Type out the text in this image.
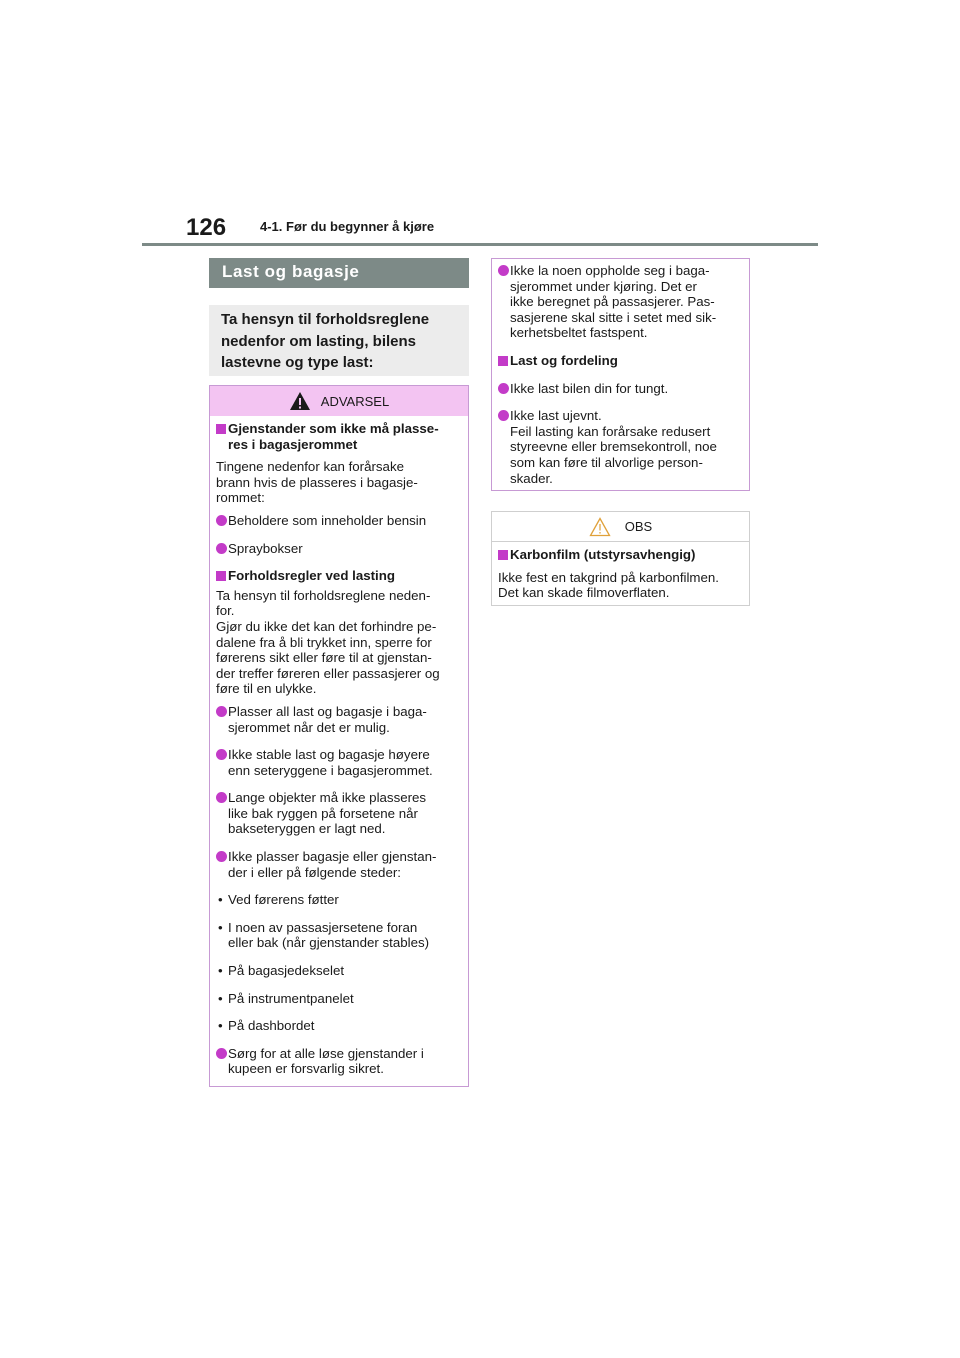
126	4-1. Før du begynner å kjøre
Last og bagasje
Ta hensyn til forholdsreglene
nedenfor om lasting, bilens
lastevne og type last:
ADVARSEL
Gjenstander som ikke må plasse-
res i bagasjerommet
Tingene nedenfor kan forårsake
brann hvis de plasseres i bagasje-
rommet:
Beholdere som inneholder bensin
Spraybokser
Forholdsregler ved lasting
Ta hensyn til forholdsreglene neden-
for.
Gjør du ikke det kan det forhindre pe-
dalene fra å bli trykket inn, sperre for
førerens sikt eller føre til at gjenstan-
der treffer føreren eller passasjerer og
føre til en ulykke.
Plasser all last og bagasje i baga-
sjerommet når det er mulig.
Ikke stable last og bagasje høyere
enn seteryggene i bagasjerommet.
Lange objekter må ikke plasseres
like bak ryggen på forsetene når
bakseteryggen er lagt ned.
Ikke plasser bagasje eller gjenstan-
der i eller på følgende steder:
• Ved førerens føtter
• I noen av passasjersetene foran
eller bak (når gjenstander stables)
• På bagasjedekselet
• På instrumentpanelet
• På dashbordet
Sørg for at alle løse gjenstander i
kupeen er forsvarlig sikret.
Ikke la noen oppholde seg i baga-
sjerommet under kjøring. Det er
ikke beregnet på passasjerer. Pas-
sasjerene skal sitte i setet med sik-
kerhetsbeltet fastspent.
Last og fordeling
Ikke last bilen din for tungt.
Ikke last ujevnt.
Feil lasting kan forårsake redusert
styreevne eller bremsekontroll, noe
som kan føre til alvorlige person-
skader.
OBS
Karbonfilm (utstyrsavhengig)
Ikke fest en takgrind på karbonfilmen.
Det kan skade filmoverflaten.
